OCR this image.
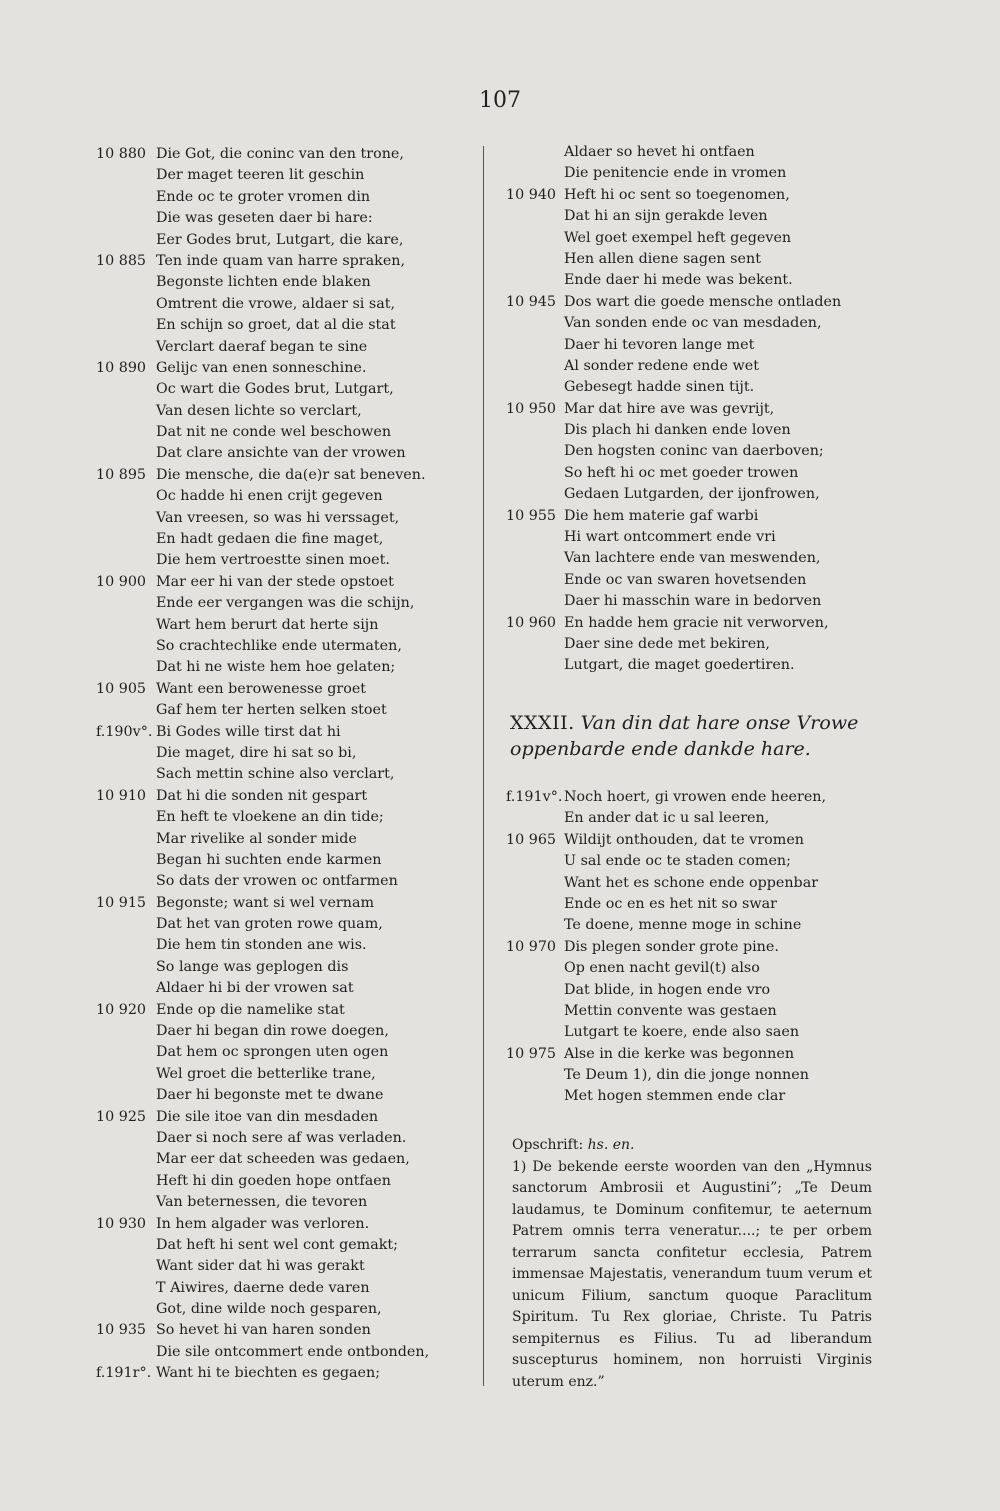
107
10 880 Die Got, die coninc van den trone,
Der maget teeren lit geschin
Ende oc te groter vromen din
Die was geseten daer bi hare:
Eer Godes brut, Lutgart, die kare,
10 885 Ten inde quam van harre spraken,
Begonste lichten ende blaken
Omtrent die vrowe, aldaer si sat,
En schijn so groet, dat al die stat
Verclart daeraf began te sine
10 890 Gelijc van enen sonneschine.
Oc wart die Godes brut, Lutgart,
Van desen lichte so verclart,
Dat nit ne conde wel beschowen
Dat clare ansichte van der vrowen
10 895 Die mensche, die da(e)r sat beneven.
Oc hadde hi enen crijt gegeven
Van vreesen, so was hi verssaget,
En hadt gedaen die fine maget,
Die hem vertroestte sinen moet.
10 900 Mar eer hi van der stede opstoet
Ende eer vergangen was die schijn,
Wart hem berurt dat herte sijn
So crachtechlike ende utermaten,
Dat hi ne wiste hem hoe gelaten;
10 905 Want een berowenesse groet
Gaf hem ter herten selken stoet
f.190v°. Bi Godes wille tirst dat hi
Die maget, dire hi sat so bi,
Sach mettin schine also verclart,
10 910 Dat hi die sonden nit gespart
En heft te vloekene an din tide;
Mar rivelike al sonder mide
Began hi suchten ende karmen
So dats der vrowen oc ontfarmen
10 915 Begonste; want si wel vernam
Dat het van groten rowe quam,
Die hem tin stonden ane wis.
So lange was geplogen dis
Aldaer hi bi der vrowen sat
10 920 Ende op die namelike stat
Daer hi began din rowe doegen,
Dat hem oc sprongen uten ogen
Wel groet die betterlike trane,
Daer hi begonste met te dwane
10 925 Die sile itoe van din mesdaden
Daer si noch sere af was verladen.
Mar eer dat scheeden was gedaen,
Heft hi din goeden hope ontfaen
Van beternessen, die tevoren
10 930 In hem algader was verloren.
Dat heft hi sent wel cont gemakt;
Want sider dat hi was gerakt
T Aiwires, daerne dede varen
Got, dine wilde noch gesparen,
10 935 So hevet hi van haren sonden
Die sile ontcommert ende ontbonden,
f.191r°. Want hi te biechten es gegaen;
Aldaer so hevet hi ontfaen
Die penitencie ende in vromen
10 940 Heft hi oc sent so toegenomen,
Dat hi an sijn gerakde leven
Wel goet exempel heft gegeven
Hen allen diene sagen sent
Ende daer hi mede was bekent.
10 945 Dos wart die goede mensche ontladen
Van sonden ende oc van mesdaden,
Daer hi tevoren lange met
Al sonder redene ende wet
Gebesegt hadde sinen tijt.
10 950 Mar dat hire ave was gevrijt,
Dis plach hi danken ende loven
Den hogsten coninc van daerboven;
So heft hi oc met goeder trowen
Gedaen Lutgarden, der ijonfrowen,
10 955 Die hem materie gaf warbi
Hi wart ontcommert ende vri
Van lachtere ende van meswenden,
Ende oc van swaren hovetsenden
Daer hi masschin ware in bedorven
10 960 En hadde hem gracie nit verworven,
Daer sine dede met bekiren,
Lutgart, die maget goedertiren.
XXXII. Van din dat hare onse Vrowe oppenbarde ende dankde hare.
f.191v°. Noch hoert, gi vrowen ende heeren,
En ander dat ic u sal leeren,
10 965 Wildijt onthouden, dat te vromen
U sal ende oc te staden comen;
Want het es schone ende oppenbar
Ende oc en es het nit so swar
Te doene, menne moge in schine
10 970 Dis plegen sonder grote pine.
Op enen nacht gevil(t) also
Dat blide, in hogen ende vro
Mettin convente was gestaen
Lutgart te koere, ende also saen
10 975 Alse in die kerke was begonnen
Te Deum 1), din die jonge nonnen
Met hogen stemmen ende clar
Opschrift: hs. en.
1) De bekende eerste woorden van den „Hymnus sanctorum Ambrosii et Augustini”; „Te Deum laudamus, te Dominum confitemur, te aeternum Patrem omnis terra veneratur....; te per orbem terrarum sancta confitetur ecclesia, Patrem immensae Majestatis, venerandum tuum verum et unicum Filium, sanctum quoque Paraclitum Spiritum. Tu Rex gloriae, Christe. Tu Patris sempiternus es Filius. Tu ad liberandum suscepturus hominem, non horruisti Virginis uterum enz.”
